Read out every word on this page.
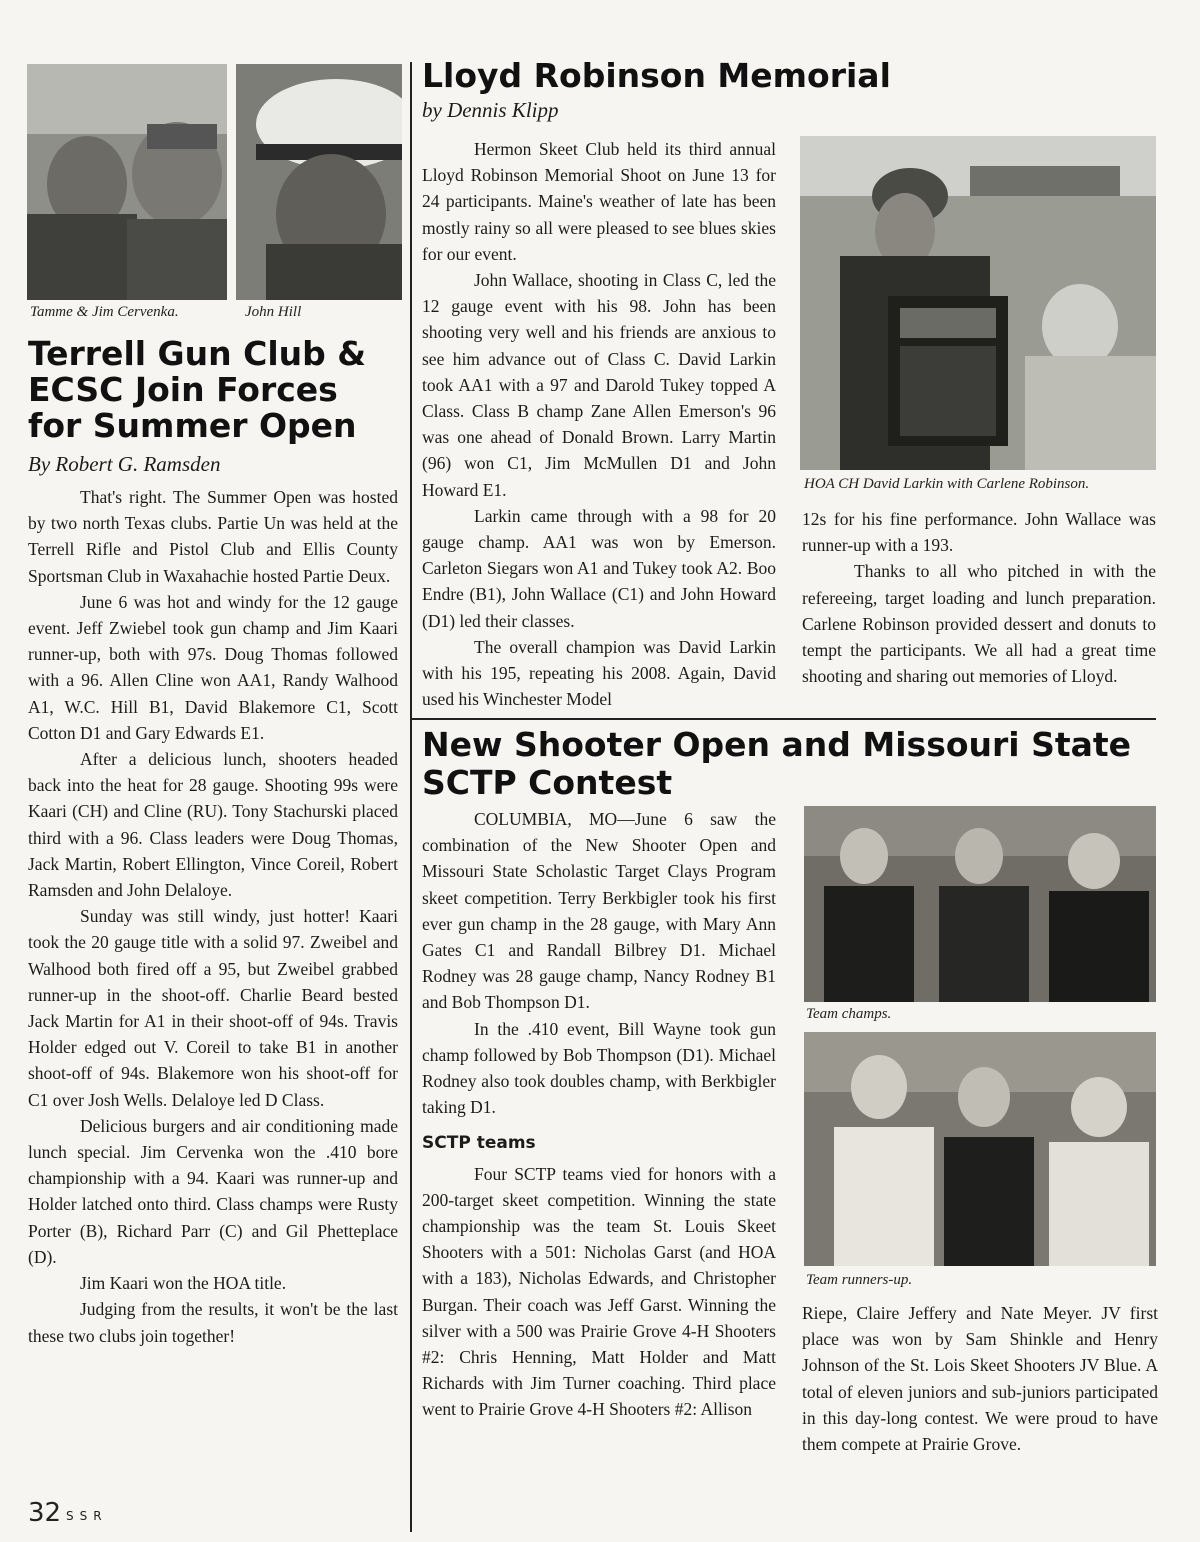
Tamme & Jim Cervenka.	John Hill
Terrell Gun Club &
ECSC Join Forces
for Summer Open
By Robert G. Ramsden

That's right. The Summer Open was hosted by two north Texas clubs. Partie Un was held at the Terrell Rifle and Pistol Club and Ellis County Sportsman Club in Waxahachie hosted Partie Deux.

June 6 was hot and windy for the 12 gauge event. Jeff Zwiebel took gun champ and Jim Kaari runner-up, both with 97s. Doug Thomas followed with a 96. Allen Cline won AA1, Randy Walhood A1, W.C. Hill B1, David Blakemore C1, Scott Cotton D1 and Gary Edwards E1.

After a delicious lunch, shooters headed back into the heat for 28 gauge. Shooting 99s were Kaari (CH) and Cline (RU). Tony Stachurski placed third with a 96. Class leaders were Doug Thomas, Jack Martin, Robert Ellington, Vince Coreil, Robert Ramsden and John Delaloye.

Sunday was still windy, just hotter! Kaari took the 20 gauge title with a solid 97. Zweibel and Walhood both fired off a 95, but Zweibel grabbed runner-up in the shoot-off. Charlie Beard bested Jack Martin for A1 in their shoot-off of 94s. Travis Holder edged out V. Coreil to take B1 in another shoot-off of 94s. Blakemore won his shoot-off for C1 over Josh Wells. Delaloye led D Class.

Delicious burgers and air conditioning made lunch special. Jim Cervenka won the .410 bore championship with a 94. Kaari was runner-up and Holder latched onto third. Class champs were Rusty Porter (B), Richard Parr (C) and Gil Phetteplace (D).

Jim Kaari won the HOA title.

Judging from the results, it won't be the last these two clubs join together!

Lloyd Robinson Memorial
by Dennis Klipp

Hermon Skeet Club held its third annual Lloyd Robinson Memorial Shoot on June 13 for 24 participants. Maine's weather of late has been mostly rainy so all were pleased to see blues skies for our event.

John Wallace, shooting in Class C, led the 12 gauge event with his 98. John has been shooting very well and his friends are anxious to see him advance out of Class C. David Larkin took AA1 with a 97 and Darold Tukey topped A Class. Class B champ Zane Allen Emerson's 96 was one ahead of Donald Brown. Larry Martin (96) won C1, Jim McMullen D1 and John Howard E1.

Larkin came through with a 98 for 20 gauge champ. AA1 was won by Emerson. Carleton Siegars won A1 and Tukey took A2. Boo Endre (B1), John Wallace (C1) and John Howard (D1) led their classes.

The overall champion was David Larkin with his 195, repeating his 2008. Again, David used his Winchester Model

HOA CH David Larkin with Carlene Robinson.

12s for his fine performance. John Wallace was runner-up with a 193.

Thanks to all who pitched in with the refereeing, target loading and lunch preparation. Carlene Robinson provided dessert and donuts to tempt the participants. We all had a great time shooting and sharing out memories of Lloyd.

New Shooter Open and Missouri State
SCTP Contest

COLUMBIA, MO—June 6 saw the combination of the New Shooter Open and Missouri State Scholastic Target Clays Program skeet competition. Terry Berkbigler took his first ever gun champ in the 28 gauge, with Mary Ann Gates C1 and Randall Bilbrey D1. Michael Rodney was 28 gauge champ, Nancy Rodney B1 and Bob Thompson D1.

In the .410 event, Bill Wayne took gun champ followed by Bob Thompson (D1). Michael Rodney also took doubles champ, with Berkbigler taking D1.

SCTP teams

Four SCTP teams vied for honors with a 200-target skeet competition. Winning the state championship was the team St. Louis Skeet Shooters with a 501: Nicholas Garst (and HOA with a 183), Nicholas Edwards, and Christopher Burgan. Their coach was Jeff Garst. Winning the silver with a 500 was Prairie Grove 4-H Shooters #2: Chris Henning, Matt Holder and Matt Richards with Jim Turner coaching. Third place went to Prairie Grove 4-H Shooters #2: Allison

Team champs.
Team runners-up.

Riepe, Claire Jeffery and Nate Meyer. JV first place was won by Sam Shinkle and Henry Johnson of the St. Lois Skeet Shooters JV Blue. A total of eleven juniors and sub-juniors participated in this day-long contest. We were proud to have them compete at Prairie Grove.

32 SSR
